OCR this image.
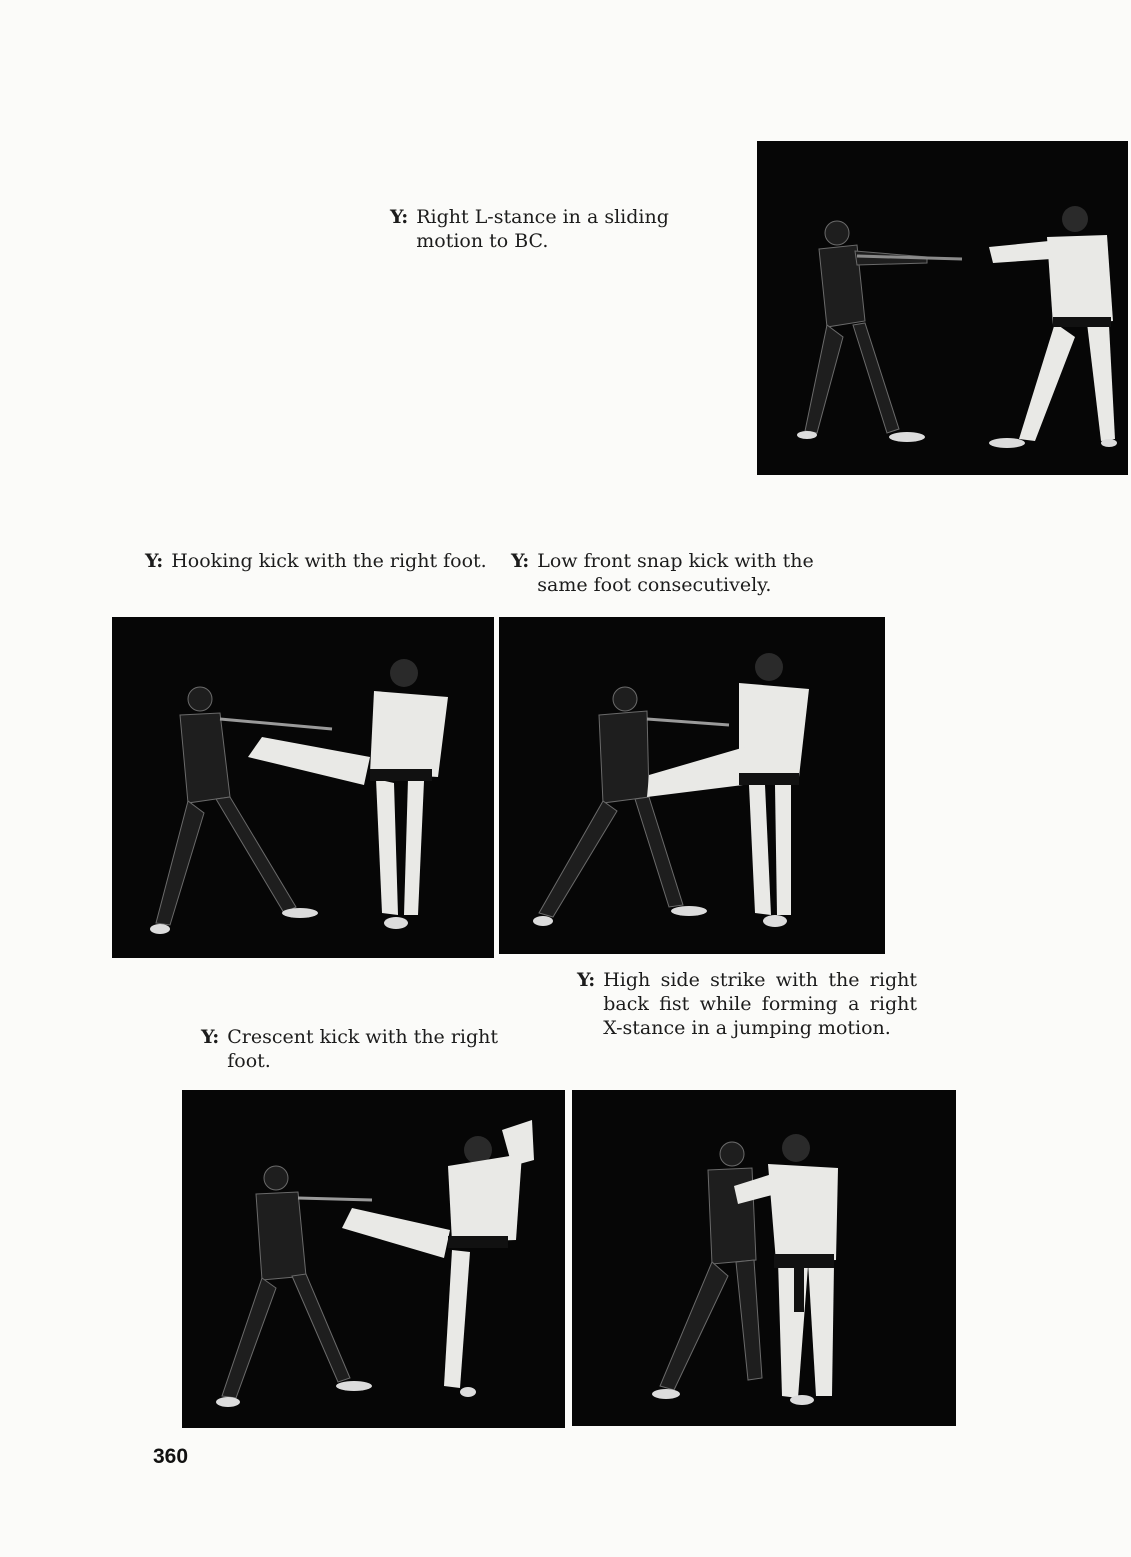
Y: Right L-stance in a sliding motion to BC.
Y: Hooking kick with the right foot. Y: Low front snap kick with the same foot consecutively.
Y: Crescent kick with the right foot.
Y: High side strike with the right back fist while forming a right X-stance in a jumping motion.
360
